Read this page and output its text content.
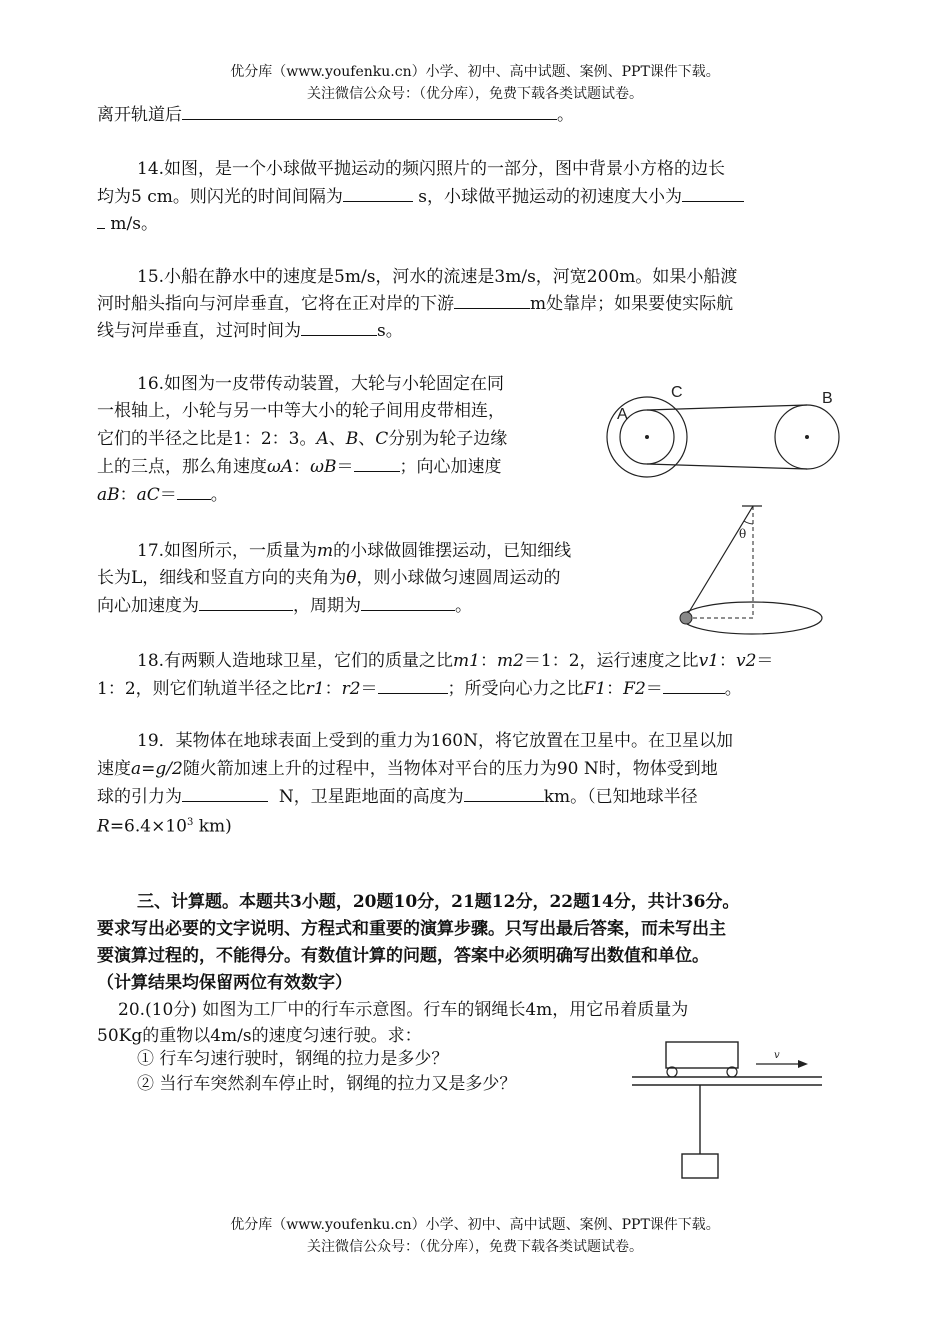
优分库（www.youfenku.cn）小学、初中、高中试题、案例、PPT课件下载。
关注微信公众号：（优分库），免费下载各类试题试卷。
离开轨道后	。
14.如图，是一个小球做平抛运动的频闪照片的一部分，图中背景小方格的边长
均为5 cm。则闪光的时间间隔为	s，小球做平抛运动的初速度大小为
m/s。
15.小船在静水中的速度是5m/s，河水的流速是3m/s，河宽200m。如果小船渡
河时船头指向与河岸垂直，它将在正对岸的下游	m处靠岸；如果要使实际航
线与河岸垂直，过河时间为	s。
16.如图为一皮带传动装置，大轮与小轮固定在同
一根轴上，小轮与另一中等大小的轮子间用皮带相连，
它们的半径之比是1：2：3。A、B、C分别为轮子边缘
上的三点，那么角速度ωA：ωB＝	；向心加速度
aB：aC＝ 。
A
C	B
17.如图所示，一质量为m的小球做圆锥摆运动，已知细线
长为L，细线和竖直方向的夹角为θ，则小球做匀速圆周运动的
向心加速度为	，周期为	。
θ
18.有两颗人造地球卫星，它们的质量之比m1：m2＝1：2，运行速度之比v1：v2＝
1：2，则它们轨道半径之比r1：r2＝	；所受向心力之比F1：F2＝	。
19．某物体在地球表面上受到的重力为160N，将它放置在卫星中。在卫星以加
速度a=g/2随火箭加速上升的过程中，当物体对平台的压力为90 N时，物体受到地
球的引力为	N，卫星距地面的高度为	km。（已知地球半径
$R=6.4\times 10^3$ km)
三、计算题。本题共3小题，20题10分，21题12分，22题14分，共计36分。
要求写出必要的文字说明、方程式和重要的演算步骤。只写出最后答案，而未写出主
要演算过程的，不能得分。有数值计算的问题，答案中必须明确写出数值和单位。
（计算结果均保留两位有效数字）
20.(10分) 如图为工厂中的行车示意图。行车的钢绳长4m，用它吊着质量为
50Kg的重物以4m/s的速度匀速行驶。求：
① 行车匀速行驶时，钢绳的拉力是多少？
② 当行车突然刹车停止时，钢绳的拉力又是多少？
v
优分库（www.youfenku.cn）小学、初中、高中试题、案例、PPT课件下载。
关注微信公众号：（优分库），免费下载各类试题试卷。
